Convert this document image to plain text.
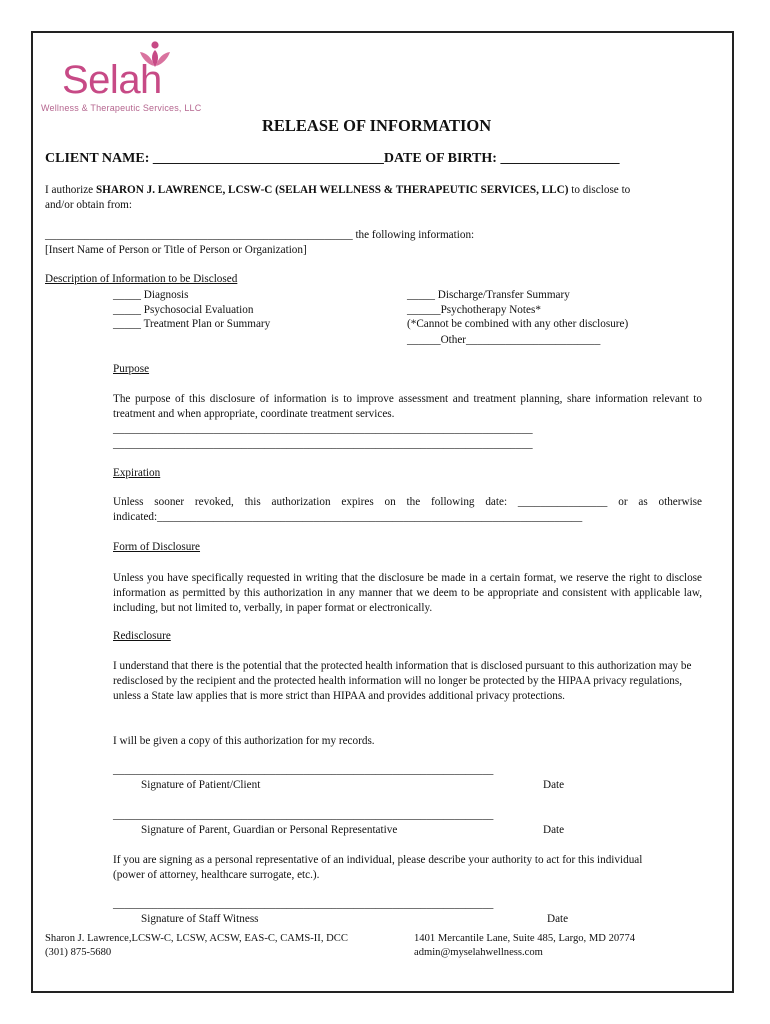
Selah
Wellness & Therapeutic Services, LLC
RELEASE OF INFORMATION
CLIENT NAME: _________________________________DATE OF BIRTH: _________________
I authorize SHARON J. LAWRENCE, LCSW-C (SELAH WELLNESS & THERAPEUTIC SERVICES, LLC) to disclose to
and/or obtain from:
_______________________________________________________ the following information:
[Insert Name of Person or Title of Person or Organization]
Description of Information to be Disclosed
_____ Diagnosis
_____ Psychosocial Evaluation
_____ Treatment Plan or Summary
_____ Discharge/Transfer Summary
______Psychotherapy Notes*
(*Cannot be combined with any other disclosure)
______Other________________________
Purpose
The purpose of this disclosure of information is to improve assessment and treatment planning, share information relevant to treatment and when appropriate, coordinate treatment services.
___________________________________________________________________________
___________________________________________________________________________
Expiration
Unless sooner revoked, this authorization expires on the following date: ________________ or as otherwise
indicated:____________________________________________________________________________
Form of Disclosure
Unless you have specifically requested in writing that the disclosure be made in a certain format, we reserve the right to disclose information as permitted by this authorization in any manner that we deem to be appropriate and consistent with applicable law, including, but not limited to, verbally, in paper format or electronically.
Redisclosure
I understand that there is the potential that the protected health information that is disclosed pursuant to this authorization may be redisclosed by the recipient and the protected health information will no longer be protected by the HIPAA privacy regulations, unless a State law applies that is more strict than HIPAA and provides additional privacy protections.
I will be given a copy of this authorization for my records.
____________________________________________________________________
Signature of Patient/Client	Date
____________________________________________________________________
Signature of Parent, Guardian or Personal Representative	Date
If you are signing as a personal representative of an individual, please describe your authority to act for this individual (power of attorney, healthcare surrogate, etc.).
____________________________________________________________________
Signature of Staff Witness	Date
Sharon J. Lawrence,LCSW-C, LCSW, ACSW, EAS-C, CAMS-II, DCC
(301) 875-5680
1401 Mercantile Lane, Suite 485, Largo, MD 20774
admin@myselahwellness.com
